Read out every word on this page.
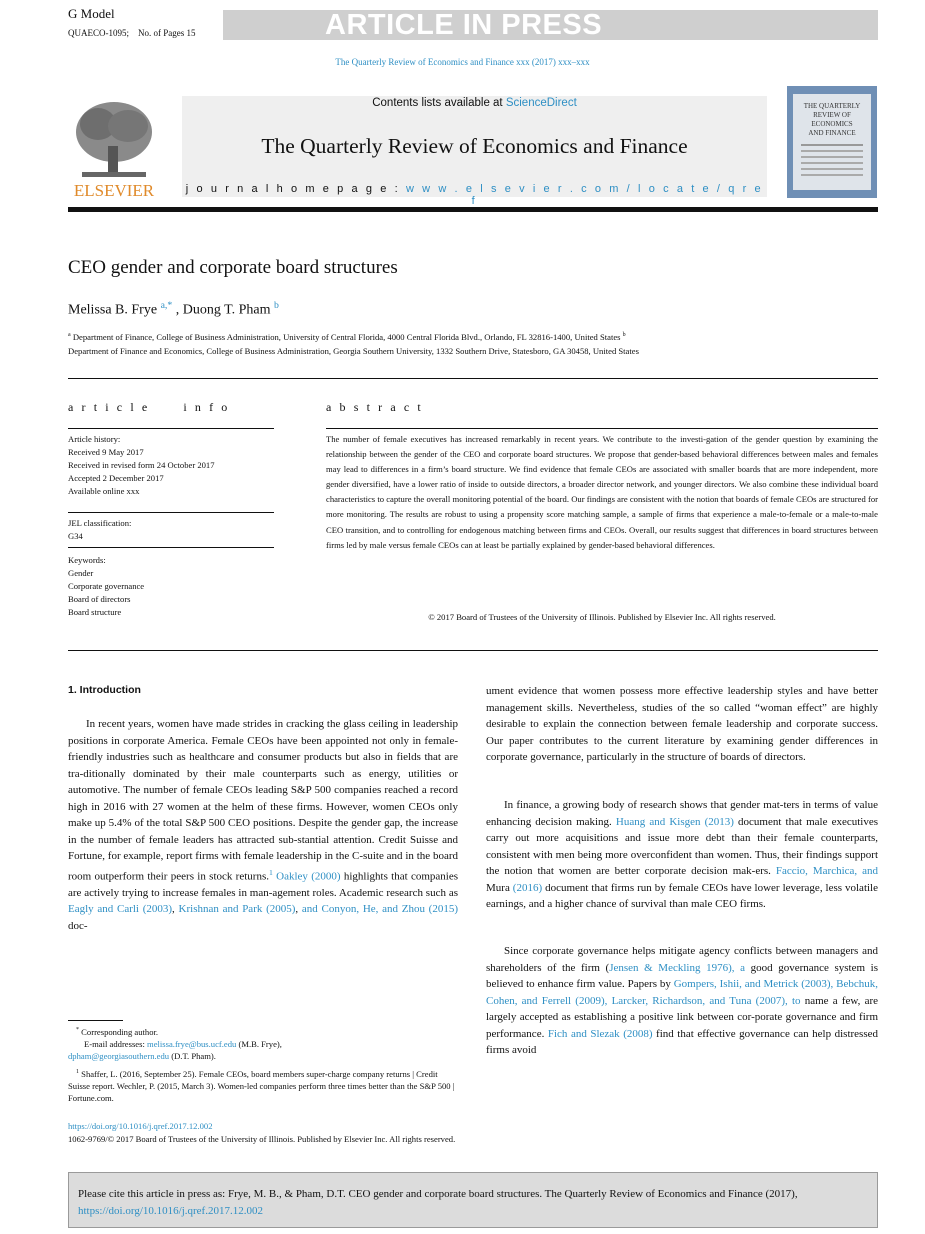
G Model
QUAECO-1095; No. of Pages 15	ARTICLE IN PRESS
The Quarterly Review of Economics and Finance xxx (2017) xxx–xxx
ELSEVIER
Contents lists available at ScienceDirect
The Quarterly Review of Economics and Finance
j o u r n a l h o m e p a g e : w w w . e l s e v i e r . c o m / l o c a t e / q r e f
THE QUARTERLY
REVIEW OF
ECONOMICS
AND FINANCE
CEO gender and corporate board structures
Melissa B. Frye $^{a,*}$ , Duong T. Pham $^b$
$^a$ Department of Finance, College of Business Administration, University of Central Florida, 4000 Central Florida Blvd., Orlando, FL 32816-1400, United States $^b$
Department of Finance and Economics, College of Business Administration, Georgia Southern University, 1332 Southern Drive, Statesboro, GA 30458, United States
a r t i c l e      i n f o	a b s t r a c t
Article history:
Received 9 May 2017
Received in revised form 24 October 2017
Accepted 2 December 2017
Available online xxx
JEL classification:
G34
Keywords:
Gender
Corporate governance
Board of directors
Board structure
The number of female executives has increased remarkably in recent years. We contribute to the investi-gation of the gender question by examining the relationship between the gender of the CEO and corporate board structures. We propose that gender-based behavioral differences between males and females may lead to differences in a firm’s board structure. We find evidence that female CEOs are associated with smaller boards that are more independent, more gender diversified, have a lower ratio of inside to outside directors, a broader director network, and younger directors. We also combine these individual board characteristics to capture the overall monitoring potential of the board. Our findings are consistent with the notion that boards of female CEOs are structured for more monitoring. The results are robust to using a propensity score matching sample, a sample of firms that experience a male-to-female or a male-to-male CEO transition, and to controlling for endogenous matching between firms and CEOs. Overall, our results suggest that differences in board structures between firms led by male versus female CEOs can at least be partially explained by gender-based behavioral differences.
© 2017 Board of Trustees of the University of Illinois. Published by Elsevier Inc. All rights reserved.
1. Introduction
In recent years, women have made strides in cracking the glass ceiling in leadership positions in corporate America. Female CEOs have been appointed not only in female-friendly industries such as healthcare and consumer products but also in fields that are tra-ditionally dominated by their male counterparts such as energy, utilities or automotive. The number of female CEOs leading S&P 500 companies reached a record high in 2016 with 27 women at the helm of these firms. However, women CEOs only make up 5.4% of the total S&P 500 CEO positions. Despite the gender gap, the increase in the number of female leaders has attracted sub-stantial attention. Credit Suisse and Fortune, for example, report firms with female leadership in the C-suite and in the board room outperform their peers in stock returns.$^1$ Oakley (2000) highlights that companies are actively trying to increase females in man-agement roles. Academic research such as Eagly and Carli (2003), Krishnan and Park (2005), and Conyon, He, and Zhou (2015) doc-
ument evidence that women possess more effective leadership styles and have better management skills. Nevertheless, studies of the so called “woman effect” are highly desirable to explain the connection between female leadership and corporate success. Our paper contributes to the current literature by examining gender differences in corporate governance, particularly in the structure of boards of directors.
In finance, a growing body of research shows that gender mat-ters in terms of value enhancing decision making. Huang and Kisgen (2013) document that male executives carry out more acquisitions and issue more debt than their female counterparts, consistent with men being more overconfident than women. Thus, their findings support the notion that women are better corporate decision mak-ers. Faccio, Marchica, and Mura (2016) document that firms run by female CEOs have lower leverage, less volatile earnings, and a higher chance of survival than male CEO firms.
Since corporate governance helps mitigate agency conflicts between managers and shareholders of the firm (Jensen & Meckling 1976), a good governance system is believed to enhance firm value. Papers by Gompers, Ishii, and Metrick (2003), Bebchuk, Cohen, and Ferrell (2009), Larcker, Richardson, and Tuna (2007), to name a few, are largely accepted as establishing a positive link between cor-porate governance and firm performance. Fich and Slezak (2008) find that effective governance can help distressed firms avoid
* Corresponding author.
E-mail addresses: melissa.frye@bus.ucf.edu (M.B. Frye),
dpham@georgiasouthern.edu (D.T. Pham).
$^1$ Shaffer, L. (2016, September 25). Female CEOs, board members super-charge company returns | Credit Suisse report. Wechler, P. (2015, March 3). Women-led companies perform three times better than the S&P 500 | Fortune.com.
https://doi.org/10.1016/j.qref.2017.12.002
1062-9769/© 2017 Board of Trustees of the University of Illinois. Published by Elsevier Inc. All rights reserved.
Please cite this article in press as: Frye, M. B., & Pham, D.T. CEO gender and corporate board structures. The Quarterly Review of Economics and Finance (2017), https://doi.org/10.1016/j.qref.2017.12.002
